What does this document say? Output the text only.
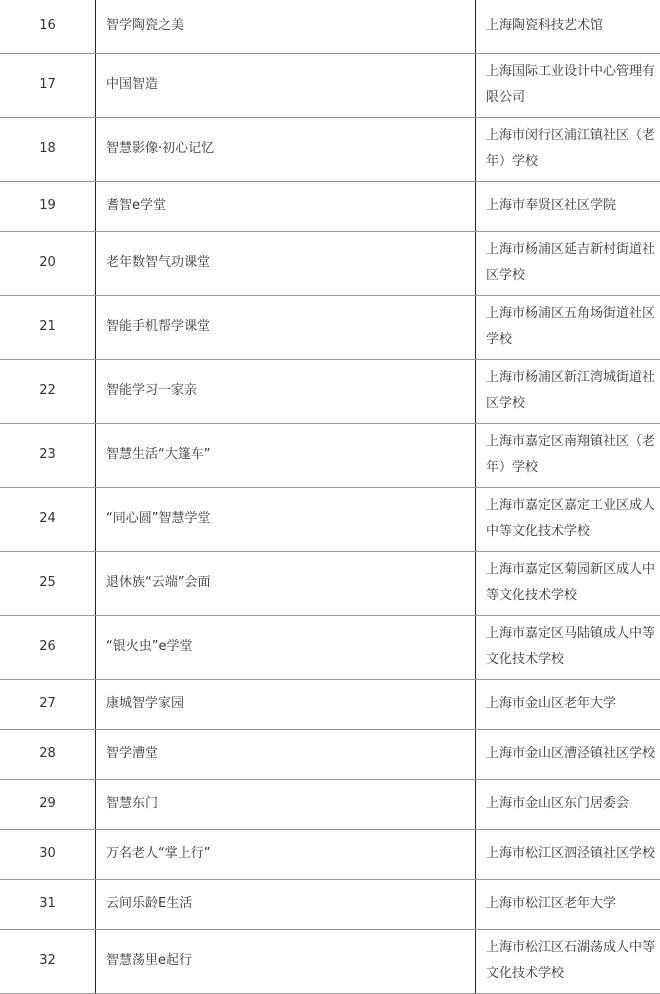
16	智学陶瓷之美	上海陶瓷科技艺术馆
17	中国智造	上海国际工业设计中心管理有限公司
18	智慧影像·初心记忆	上海市闵行区浦江镇社区（老年）学校
19	耆智e学堂	上海市奉贤区社区学院
20	老年数智气功课堂	上海市杨浦区延吉新村街道社区学校
21	智能手机帮学课堂	上海市杨浦区五角场街道社区学校
22	智能学习一家亲	上海市杨浦区新江湾城街道社区学校
23	智慧生活“大篷车”	上海市嘉定区南翔镇社区（老年）学校
24	“同心圆”智慧学堂	上海市嘉定区嘉定工业区成人中等文化技术学校
25	退休族“云端”会面	上海市嘉定区菊园新区成人中等文化技术学校
26	“银火虫”e学堂	上海市嘉定区马陆镇成人中等文化技术学校
27	康城智学家园	上海市金山区老年大学
28	智学漕堂	上海市金山区漕泾镇社区学校
29	智慧东门	上海市金山区东门居委会
30	万名老人“掌上行”	上海市松江区泗泾镇社区学校
31	云间乐龄E生活	上海市松江区老年大学
32	智慧荡里e起行	上海市松江区石湖荡成人中等文化技术学校
